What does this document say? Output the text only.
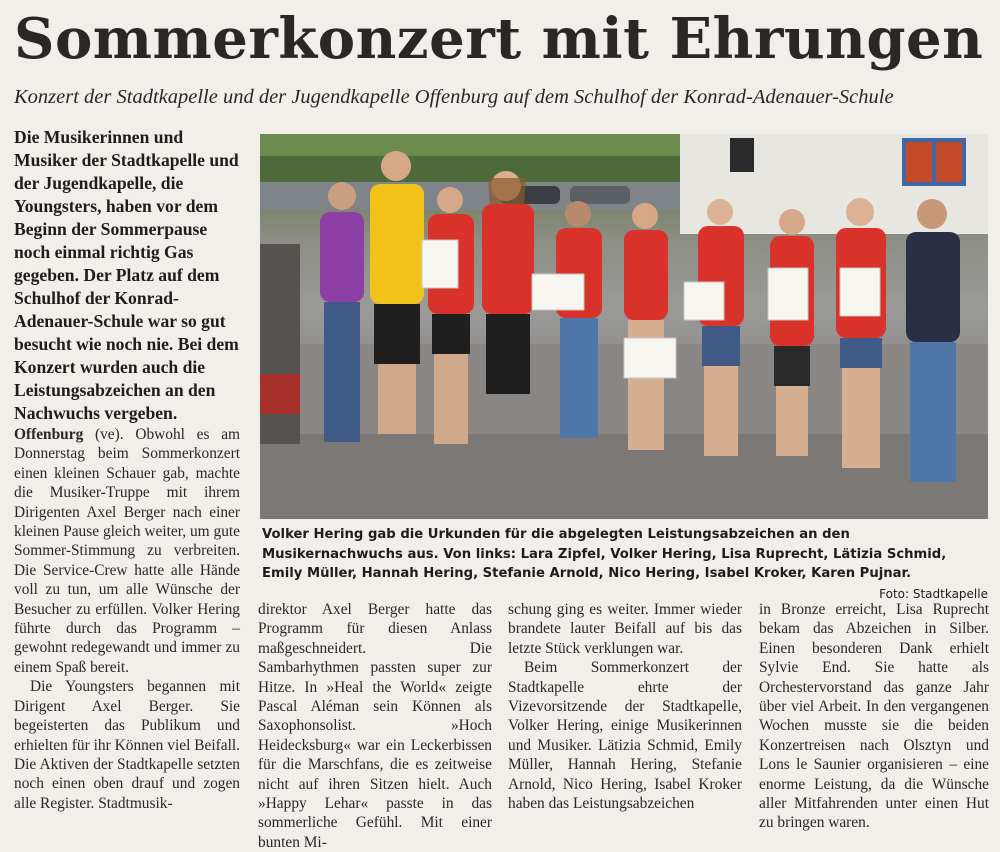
Sommerkonzert mit Ehrungen
Konzert der Stadtkapelle und der Jugendkapelle Offenburg auf dem Schulhof der Konrad-Adenauer-Schule
Die Musikerinnen und Musiker der Stadtkapelle und der Jugendkapelle, die Youngsters, haben vor dem Beginn der Sommerpause noch einmal richtig Gas gegeben. Der Platz auf dem Schulhof der Konrad-Adenauer-Schule war so gut besucht wie noch nie. Bei dem Konzert wurden auch die Leistungsabzeichen an den Nachwuchs vergeben.

Offenburg (ve). Obwohl es am Donnerstag beim Sommerkonzert einen kleinen Schauer gab, machte die Musiker-Truppe mit ihrem Dirigenten Axel Berger nach einer kleinen Pause gleich weiter, um gute Sommer-Stimmung zu verbreiten. Die Service-Crew hatte alle Hände voll zu tun, um alle Wünsche der Besucher zu erfüllen. Volker Hering führte durch das Programm – gewohnt redegewandt und immer zu einem Spaß bereit.

Die Youngsters begannen mit Dirigent Axel Berger. Sie begeisterten das Publikum und erhielten für ihr Können viel Beifall. Die Aktiven der Stadtkapelle setzten noch einen oben drauf und zogen alle Register. Stadtmusik-

Volker Hering gab die Urkunden für die abgelegten Leistungsabzeichen an den Musikernachwuchs aus. Von links: Lara Zipfel, Volker Hering, Lisa Ruprecht, Lätizia Schmid, Emily Müller, Hannah Hering, Stefanie Arnold, Nico Hering, Isabel Kroker, Karen Pujnar.
Foto: Stadtkapelle

direktor Axel Berger hatte das Programm für diesen Anlass maßgeschneidert. Die Sambarhythmen passten super zur Hitze. In »Heal the World« zeigte Pascal Aléman sein Können als Saxophonsolist. »Hoch Heidecksburg« war ein Leckerbissen für die Marschfans, die es zeitweise nicht auf ihren Sitzen hielt. Auch »Happy Lehar« passte in das sommerliche Gefühl. Mit einer bunten Mi-

schung ging es weiter. Immer wieder brandete lauter Beifall auf bis das letzte Stück verklungen war.

Beim Sommerkonzert der Stadtkapelle ehrte der Vizevorsitzende der Stadtkapelle, Volker Hering, einige Musikerinnen und Musiker. Lätizia Schmid, Emily Müller, Hannah Hering, Stefanie Arnold, Nico Hering, Isabel Kroker haben das Leistungsabzeichen

in Bronze erreicht, Lisa Ruprecht bekam das Abzeichen in Silber. Einen besonderen Dank erhielt Sylvie End. Sie hatte als Orchestervorstand das ganze Jahr über viel Arbeit. In den vergangenen Wochen musste sie die beiden Konzertreisen nach Olsztyn und Lons le Saunier organisieren – eine enorme Leistung, da die Wünsche aller Mitfahrenden unter einen Hut zu bringen waren.
